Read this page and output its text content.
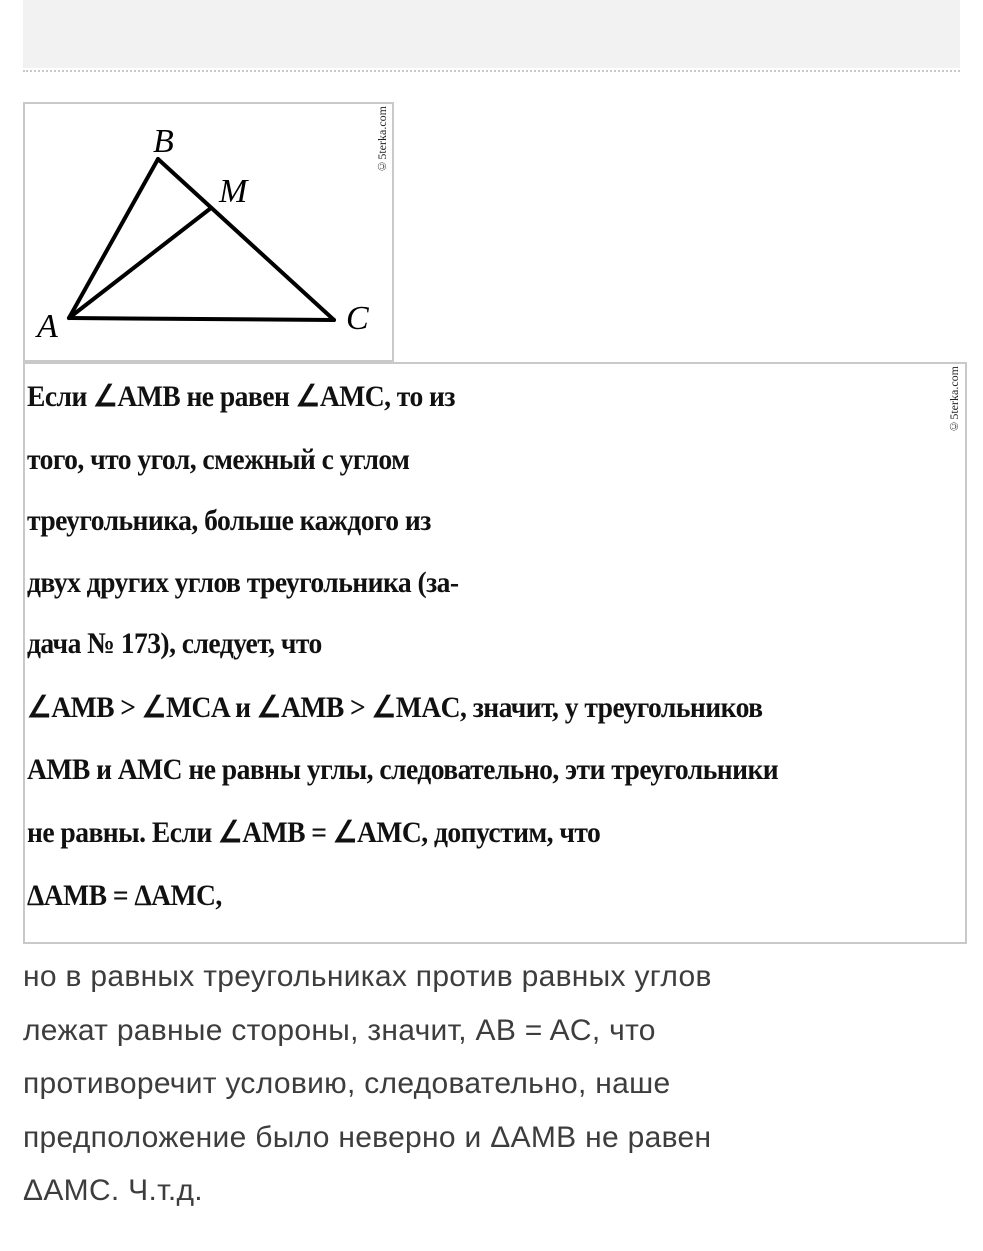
B
M
A	C
©5terka.com
Если ∠AMB не равен ∠AMC, то из
того, что угол, смежный с углом
треугольника, больше каждого из
двух других углов треугольника (за-
дача № 173), следует, что
∠AMB > ∠MCA и ∠AMB > ∠MAC, значит, у треугольников
AMB и AMC не равны углы, следовательно, эти треугольники
не равны. Если ∠AMB = ∠AMC, допустим, что
ΔAMB = ΔAMC,
©5terka.com
но в равных треугольниках против равных углов
лежат равные стороны, значит, AB = AC, что
противоречит условию, следовательно, наше
предположение было неверно и ΔAMB не равен
ΔAMC. Ч.т.д.
